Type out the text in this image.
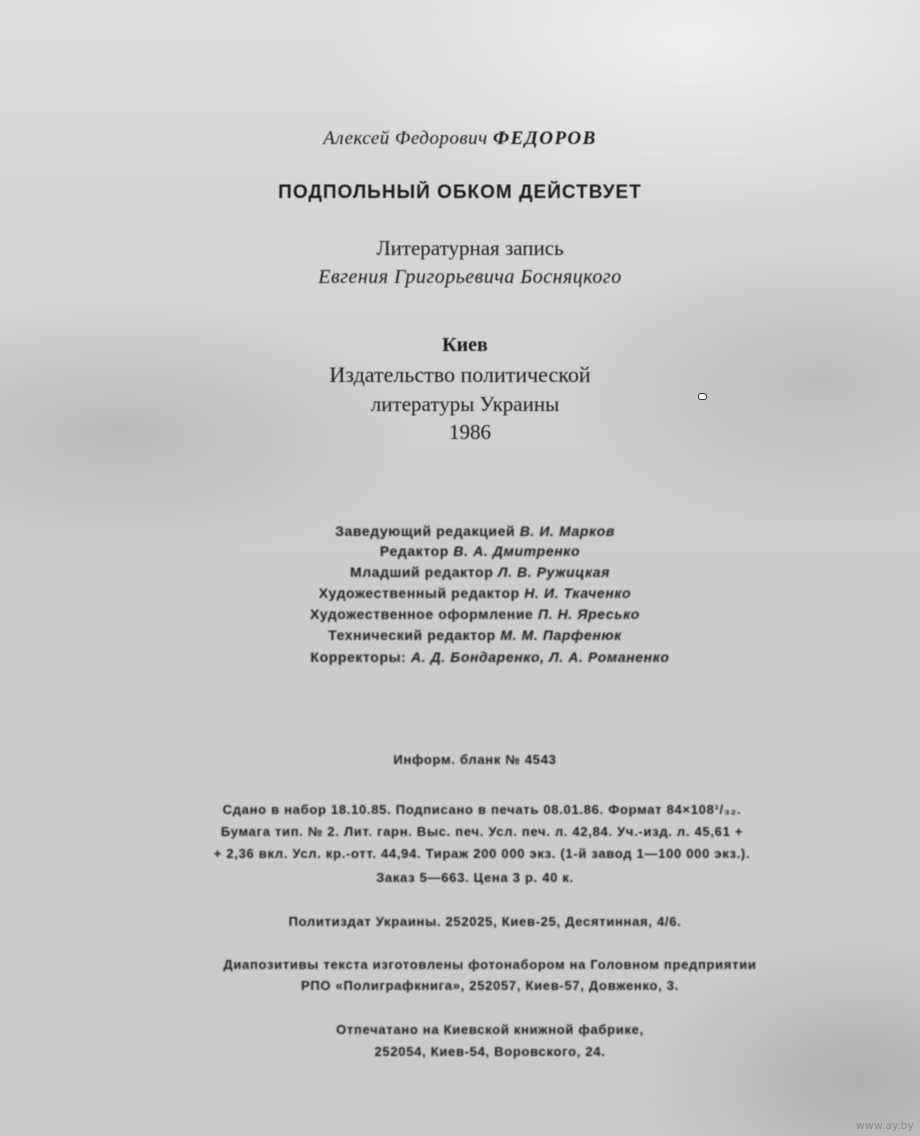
Алексей Федорович ФЕДОРОВ
ПОДПОЛЬНЫЙ ОБКОМ ДЕЙСТВУЕТ
Литературная запись
Евгения Григорьевича Босняцкого
Киев
Издательство политической
литературы Украины
1986
Заведующий редакцией В. И. Марков
Редактор В. А. Дмитренко
Младший редактор Л. В. Ружицкая
Художественный редактор Н. И. Ткаченко
Художественное оформление П. Н. Яресько
Технический редактор М. М. Парфенюк
Корректоры: А. Д. Бондаренко, Л. А. Романенко
Информ. бланк № 4543
Сдано в набор 18.10.85. Подписано в печать 08.01.86. Формат 84×108¹/₃₂.
Бумага тип. № 2. Лит. гарн. Выс. печ. Усл. печ. л. 42,84. Уч.-изд. л. 45,61 +
+ 2,36 вкл. Усл. кр.-отт. 44,94. Тираж 200 000 экз. (1-й завод 1—100 000 экз.).
Заказ 5—663. Цена 3 р. 40 к.
Политиздат Украины. 252025, Киев-25, Десятинная, 4/6.
Диапозитивы текста изготовлены фотонабором на Головном предприятии
РПО «Полиграфкнига», 252057, Киев-57, Довженко, 3.
Отпечатано на Киевской книжной фабрике,
252054, Киев-54, Воровского, 24.
www.ay.by
